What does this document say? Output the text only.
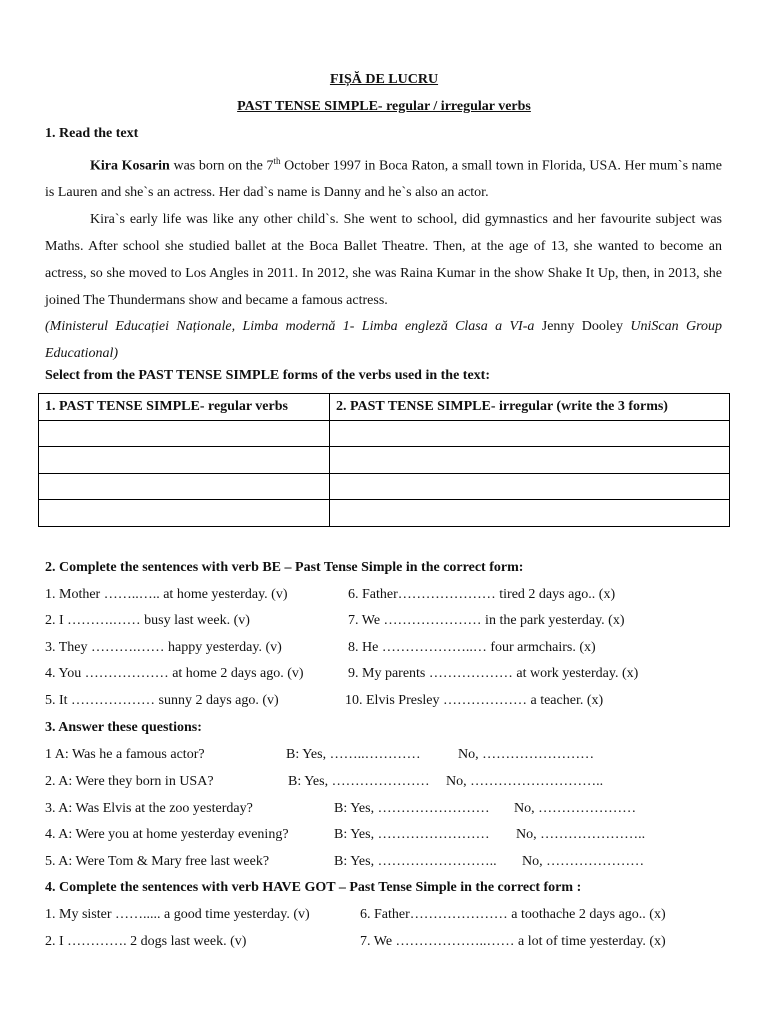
FIȘĂ DE LUCRU
PAST TENSE SIMPLE- regular / irregular verbs
1. Read the text

Kira Kosarin was born on the 7th October 1997 in Boca Raton, a small town in Florida, USA. Her mum`s name is Lauren and she`s an actress. Her dad`s name is Danny and he`s also an actor.

Kira`s early life was like any other child`s. She went to school, did gymnastics and her favourite subject was Maths. After school she studied ballet at the Boca Ballet Theatre. Then, at the age of 13, she wanted to become an actress, so she moved to Los Angles in 2011. In 2012, she was Raina Kumar in the show Shake It Up, then, in 2013, she joined The Thundermans show and became a famous actress.

(Ministerul Educației Naționale, Limba modernă 1- Limba engleză Clasa a VI-a Jenny Dooley UniScan Group Educational)

Select from the PAST TENSE SIMPLE forms of the verbs used in the text:
1. PAST TENSE SIMPLE- regular verbs	2. PAST TENSE SIMPLE- irregular (write the 3 forms)

2. Complete the sentences with verb BE – Past Tense Simple in the correct form:
1. Mother ……..….. at home yesterday. (v)
2. I ……….…… busy last week. (v)
3. They ……….…… happy yesterday. (v)
4. You ……………… at home 2 days ago. (v)
5. It ……………… sunny 2 days ago. (v)
6. Father………………… tired 2 days ago.. (x)
7. We ………………… in the park yesterday. (x)
8. He ………………..… four armchairs. (x)
9. My parents ……………… at work yesterday. (x)
10. Elvis Presley ……………… a teacher. (x)
3. Answer these questions:
1 A: Was he a famous actor?	B: Yes, ……..…………	No, ……………………
2. A: Were they born in USA?	B: Yes, ………………… No, ………………………..
3. A: Was Elvis at the zoo yesterday?	B: Yes, …………………… No, …………………
4. A: Were you at home yesterday evening?	B: Yes, …………………… No, …………………..
5. A: Were Tom & Mary free last week?	B: Yes, …………………….. No, …………………
4. Complete the sentences with verb HAVE GOT – Past Tense Simple in the correct form :
1. My sister ……..... a good time yesterday. (v)
2. I …………. 2 dogs last week. (v)
6. Father………………… a toothache 2 days ago.. (x)
7. We ………………..…… a lot of time yesterday. (x)
